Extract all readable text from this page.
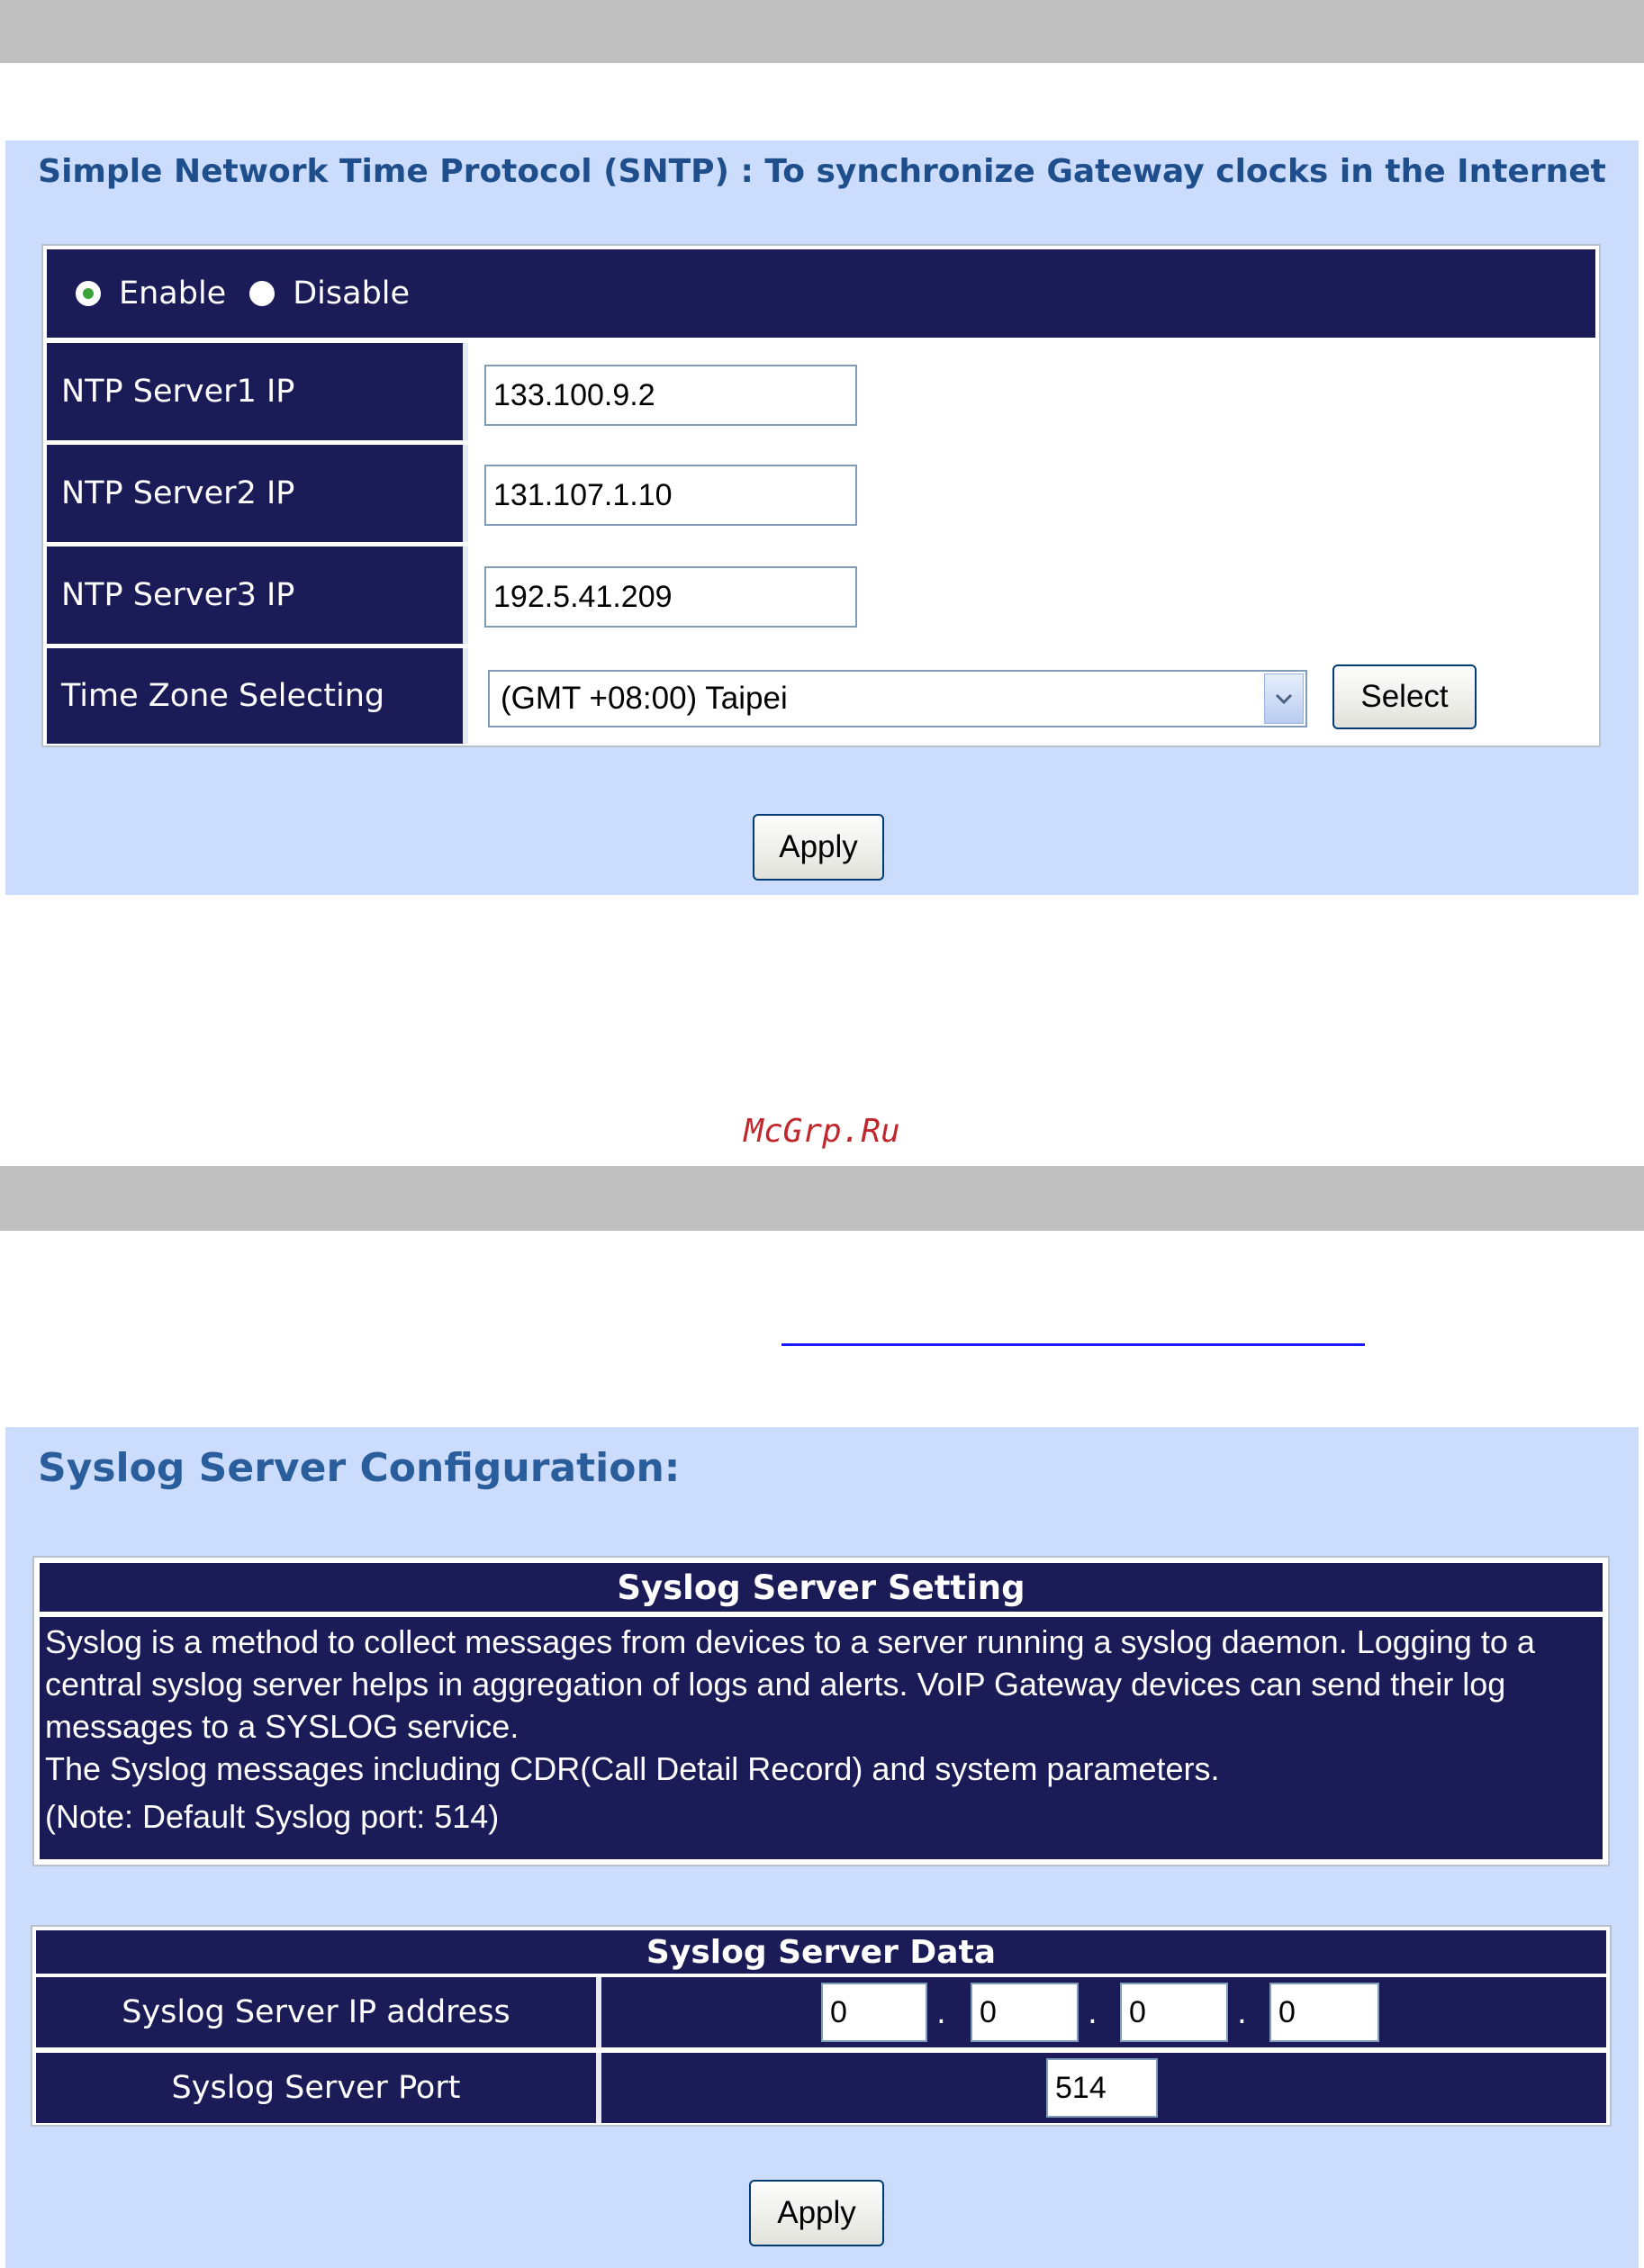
Simple Network Time Protocol (SNTP) : To synchronize Gateway clocks in the Internet
Enable Disable
NTP Server1 IP	133.100.9.2
NTP Server2 IP	131.107.1.10
NTP Server3 IP	192.5.41.209
Time Zone Selecting	(GMT +08:00) Taipei	Select
Apply
McGrp.Ru
Syslog Server Configuration:
Syslog Server Setting

Syslog is a method to collect messages from devices to a server running a syslog daemon. Logging to a central syslog server helps in aggregation of logs and alerts. VoIP Gateway devices can send their log messages to a SYSLOG service.

The Syslog messages including CDR(Call Detail Record) and system parameters.

(Note: Default Syslog port: 514)

Syslog Server Data
Syslog Server IP address	0	. 0	. 0	. 0
Syslog Server Port	514
Apply
